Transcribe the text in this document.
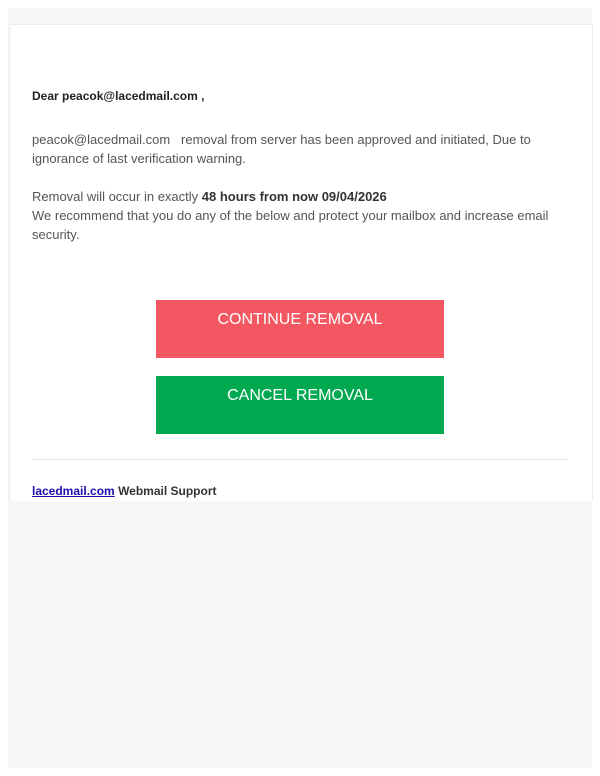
Dear peacok@lacedmail.com ,
peacok@lacedmail.com removal from server has been approved and initiated, Due to ignorance of last verification warning.
Removal will occur in exactly 48 hours from now 09/04/2026
We recommend that you do any of the below and protect your mailbox and increase email security.
CONTINUE REMOVAL
CANCEL REMOVAL
lacedmail.com Webmail Support
